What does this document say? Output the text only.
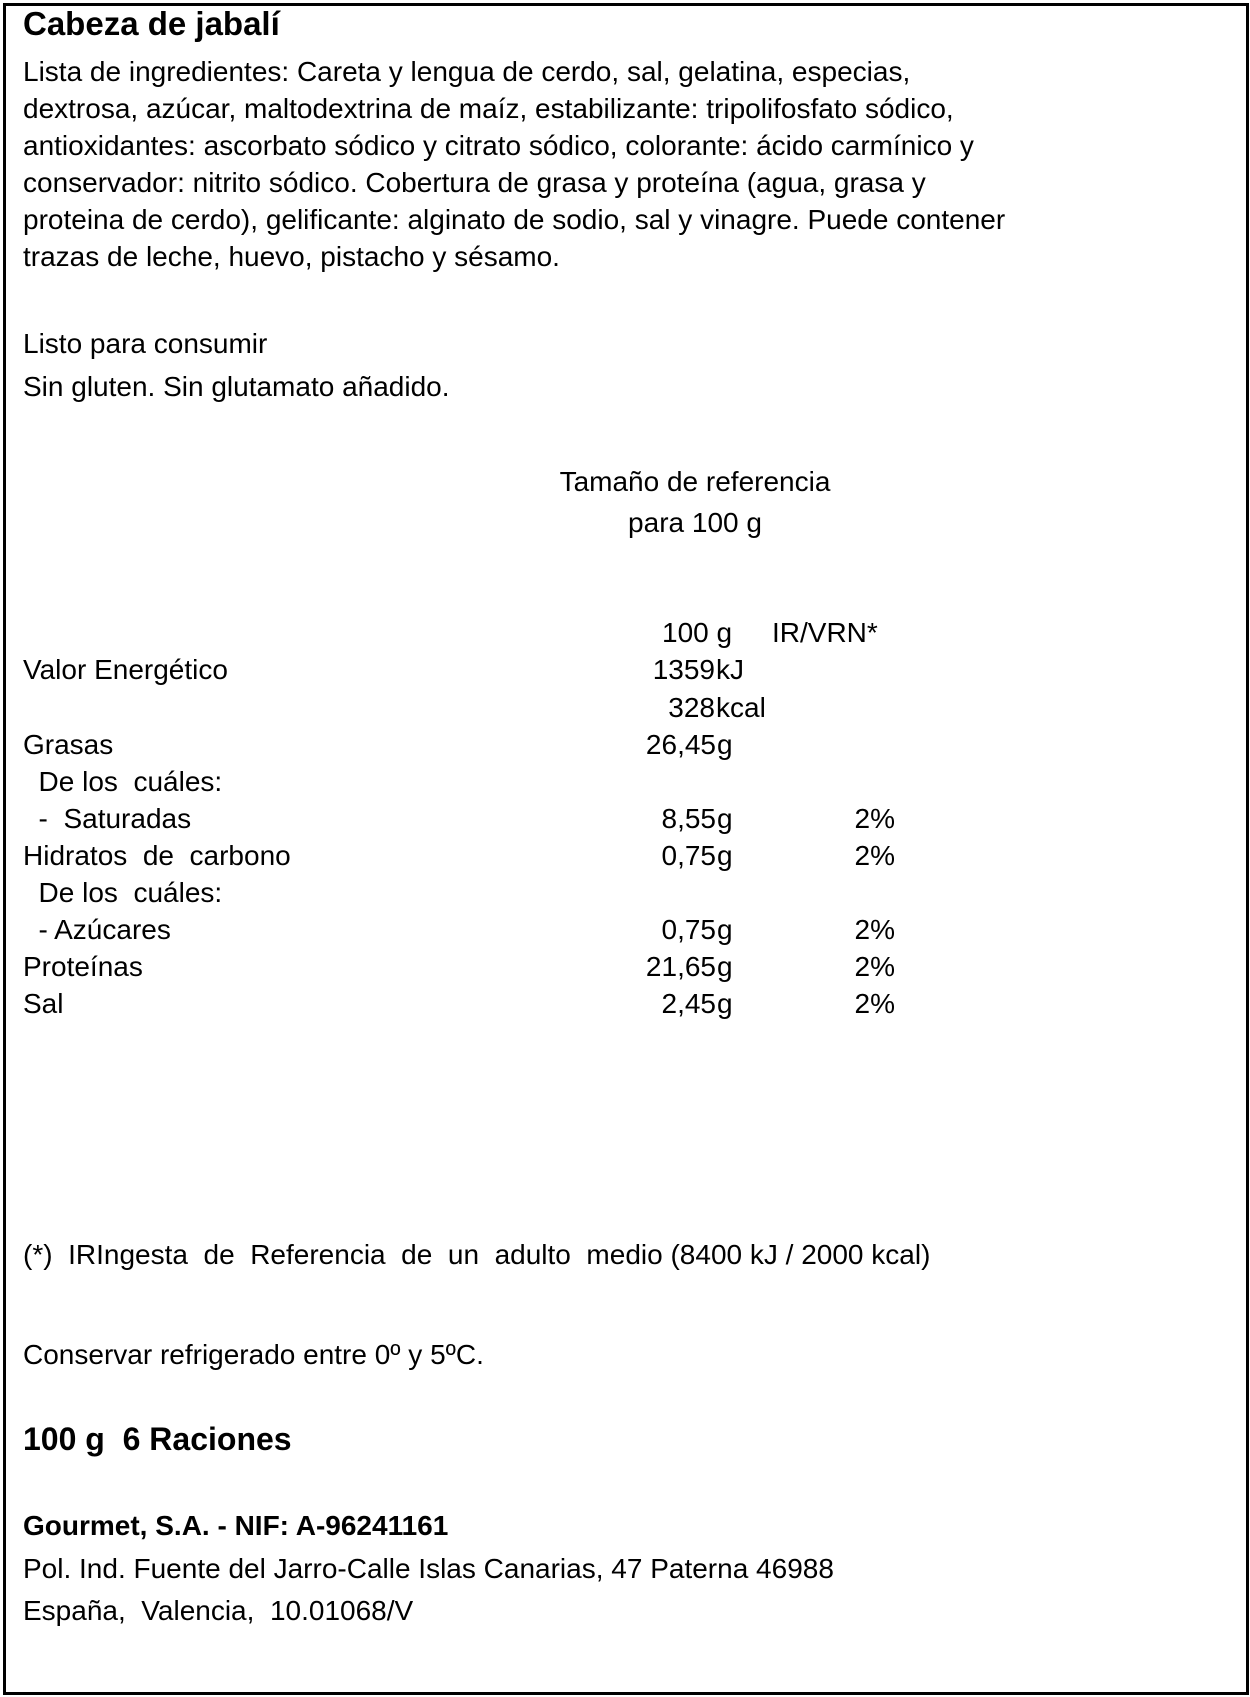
Cabeza de jabalí
Lista de ingredientes: Careta y lengua de cerdo, sal, gelatina, especias,
dextrosa, azúcar, maltodextrina de maíz, estabilizante: tripolifosfato sódico,
antioxidantes: ascorbato sódico y citrato sódico, colorante: ácido carmínico y
conservador: nitrito sódico. Cobertura de grasa y proteína (agua, grasa y
proteina de cerdo), gelificante: alginato de sodio, sal y vinagre. Puede contener
trazas de leche, huevo, pistacho y sésamo.
Listo para consumir
Sin gluten. Sin glutamato añadido.
Tamaño de referencia
para 100 g
100 g IR/VRN*
Valor Energético	1359 kJ
328 kcal
Grasas	26,45 g
De los  cuáles:
-  Saturadas	8,55 g	2%
Hidratos  de  carbono	0,75 g	2%
De los  cuáles:
- Azúcares	0,75 g	2%
Proteínas	21,65 g	2%
Sal	2,45 g	2%
(*)  IRIngesta  de  Referencia  de  un  adulto  medio (8400 kJ / 2000 kcal)
Conservar refrigerado entre 0º y 5ºC.
100 g  6 Raciones
Gourmet, S.A. - NIF: A-96241161
Pol. Ind. Fuente del Jarro-Calle Islas Canarias, 47 Paterna 46988
España,  Valencia,  10.01068/V
